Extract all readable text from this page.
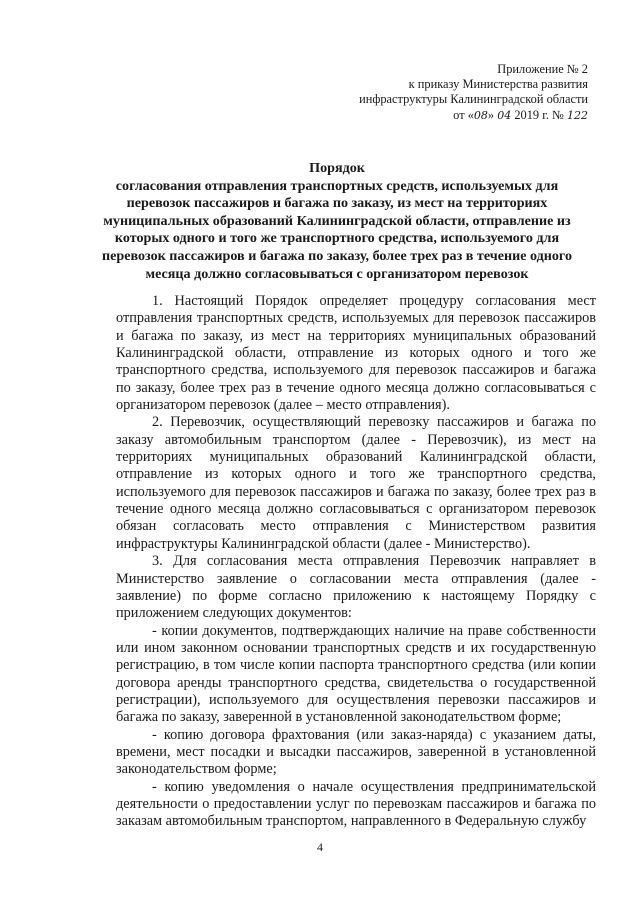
Приложение № 2
к приказу Министерства развития
инфраструктуры Калининградской области
от «08» 04 2019 г. № 122
Порядок
согласования отправления транспортных средств, используемых для перевозок пассажиров и багажа по заказу, из мест на территориях муниципальных образований Калининградской области, отправление из которых одного и того же транспортного средства, используемого для перевозок пассажиров и багажа по заказу, более трех раз в течение одного месяца должно согласовываться с организатором перевозок

1. Настоящий Порядок определяет процедуру согласования мест отправления транспортных средств, используемых для перевозок пассажиров и багажа по заказу, из мест на территориях муниципальных образований Калининградской области, отправление из которых одного и того же транспортного средства, используемого для перевозок пассажиров и багажа по заказу, более трех раз в течение одного месяца должно согласовываться с организатором перевозок (далее – место отправления).

2. Перевозчик, осуществляющий перевозку пассажиров и багажа по заказу автомобильным транспортом (далее - Перевозчик), из мест на территориях муниципальных образований Калининградской области, отправление из которых одного и того же транспортного средства, используемого для перевозок пассажиров и багажа по заказу, более трех раз в течение одного месяца должно согласовываться с организатором перевозок обязан согласовать место отправления с Министерством развития инфраструктуры Калининградской области (далее - Министерство).

3. Для согласования места отправления Перевозчик направляет в Министерство заявление о согласовании места отправления (далее - заявление) по форме согласно приложению к настоящему Порядку с приложением следующих документов:

- копии документов, подтверждающих наличие на праве собственности или ином законном основании транспортных средств и их государственную регистрацию, в том числе копии паспорта транспортного средства (или копии договора аренды транспортного средства, свидетельства о государственной регистрации), используемого для осуществления перевозки пассажиров и багажа по заказу, заверенной в установленной законодательством форме;

- копию договора фрахтования (или заказ-наряда) с указанием даты, времени, мест посадки и высадки пассажиров, заверенной в установленной законодательством форме;

- копию уведомления о начале осуществления предпринимательской деятельности о предоставлении услуг по перевозкам пассажиров и багажа по заказам автомобильным транспортом, направленного в Федеральную службу

4
